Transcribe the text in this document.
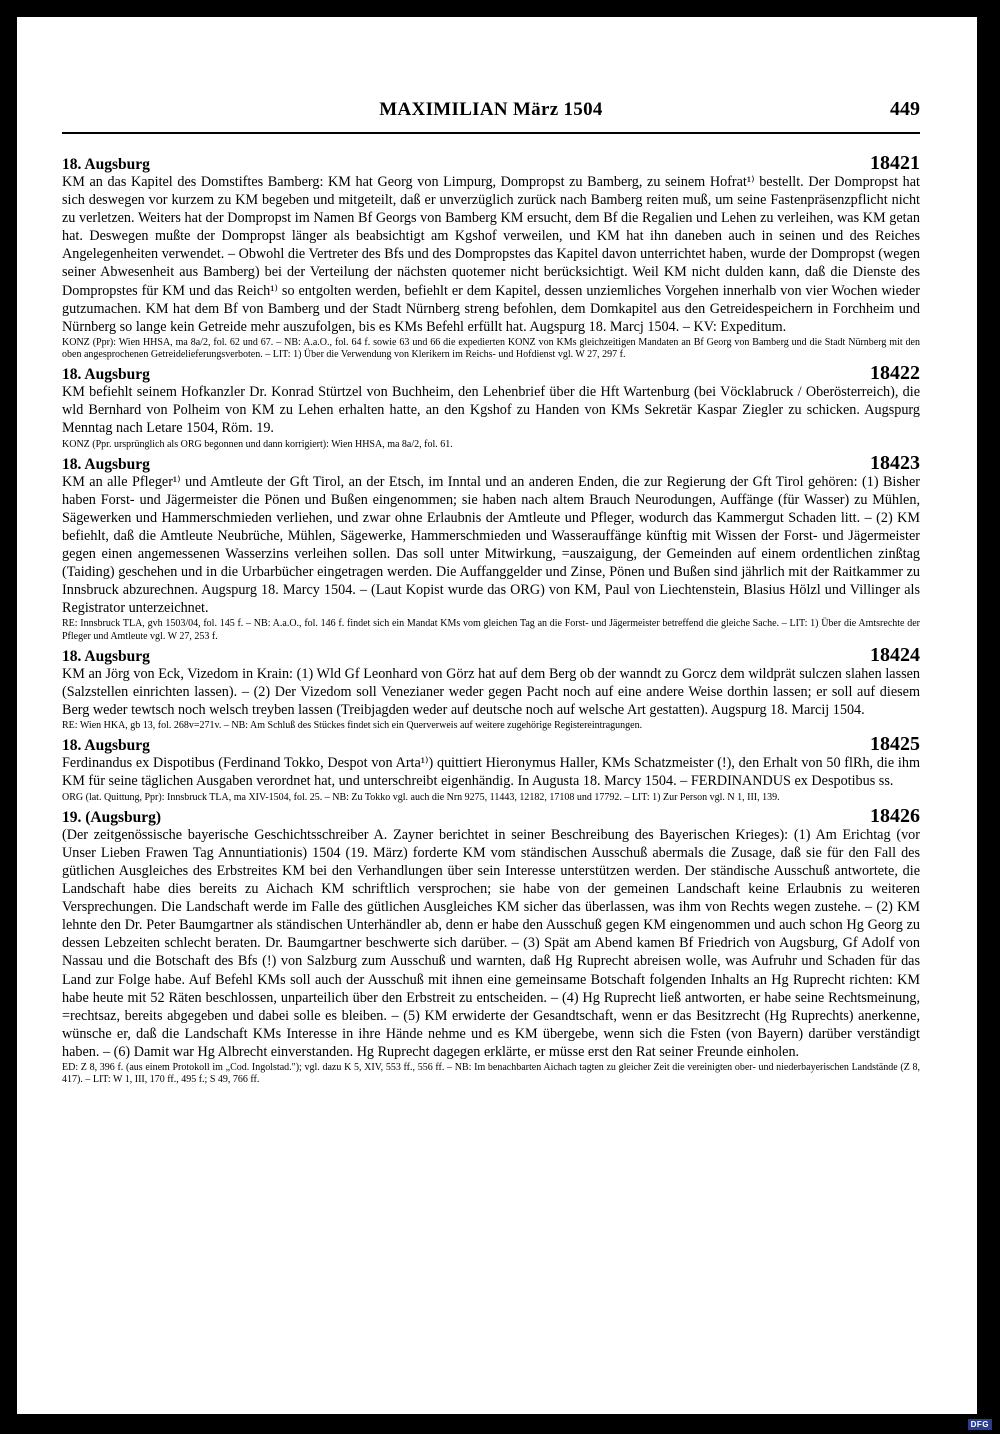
MAXIMILIAN März 1504	449
18. Augsburg	18421
KM an das Kapitel des Domstiftes Bamberg: KM hat Georg von Limpurg, Dompropst zu Bamberg, zu seinem Hofrat¹⁾ bestellt. Der Dompropst hat sich deswegen vor kurzem zu KM begeben und mitgeteilt, daß er unverzüglich zurück nach Bamberg reiten muß, um seine Fastenpräsenzpflicht nicht zu verletzen. Weiters hat der Dompropst im Namen Bf Georgs von Bamberg KM ersucht, dem Bf die Regalien und Lehen zu verleihen, was KM getan hat. Deswegen mußte der Dompropst länger als beabsichtigt am Kgshof verweilen, und KM hat ihn daneben auch in seinen und des Reiches Angelegenheiten verwendet. – Obwohl die Vertreter des Bfs und des Dompropstes das Kapitel davon unterrichtet haben, wurde der Dompropst (wegen seiner Abwesenheit aus Bamberg) bei der Verteilung der nächsten quotemer nicht berücksichtigt. Weil KM nicht dulden kann, daß die Dienste des Dompropstes für KM und das Reich¹⁾ so entgolten werden, befiehlt er dem Kapitel, dessen unziemliches Vorgehen innerhalb von vier Wochen wieder gutzumachen. KM hat dem Bf von Bamberg und der Stadt Nürnberg streng befohlen, dem Domkapitel aus den Getreidespeichern in Forchheim und Nürnberg so lange kein Getreide mehr auszufolgen, bis es KMs Befehl erfüllt hat. Augspurg 18. Marcj 1504. – KV: Expeditum.
KONZ (Ppr): Wien HHSA, ma 8a/2, fol. 62 und 67. – NB: A.a.O., fol. 64 f. sowie 63 und 66 die expedierten KONZ von KMs gleichzeitigen Mandaten an Bf Georg von Bamberg und die Stadt Nürnberg mit den oben angesprochenen Getreidelieferungsverboten. – LIT: 1) Über die Verwendung von Klerikern im Reichs- und Hofdienst vgl. W 27, 297 f.
18. Augsburg	18422
KM befiehlt seinem Hofkanzler Dr. Konrad Stürtzel von Buchheim, den Lehenbrief über die Hft Wartenburg (bei Vöcklabruck / Oberösterreich), die wld Bernhard von Polheim von KM zu Lehen erhalten hatte, an den Kgshof zu Handen von KMs Sekretär Kaspar Ziegler zu schicken. Augspurg Menntag nach Letare 1504, Röm. 19.
KONZ (Ppr. ursprünglich als ORG begonnen und dann korrigiert): Wien HHSA, ma 8a/2, fol. 61.
18. Augsburg	18423
KM an alle Pfleger¹⁾ und Amtleute der Gft Tirol, an der Etsch, im Inntal und an anderen Enden, die zur Regierung der Gft Tirol gehören: (1) Bisher haben Forst- und Jägermeister die Pönen und Bußen eingenommen; sie haben nach altem Brauch Neurodungen, Auffänge (für Wasser) zu Mühlen, Sägewerken und Hammerschmieden verliehen, und zwar ohne Erlaubnis der Amtleute und Pfleger, wodurch das Kammergut Schaden litt. – (2) KM befiehlt, daß die Amtleute Neubrüche, Mühlen, Sägewerke, Hammerschmieden und Wasserauffänge künftig mit Wissen der Forst- und Jägermeister gegen einen angemessenen Wasserzins verleihen sollen. Das soll unter Mitwirkung, =auszaigung, der Gemeinden auf einem ordentlichen zinßtag (Taiding) geschehen und in die Urbarbücher eingetragen werden. Die Auffanggelder und Zinse, Pönen und Bußen sind jährlich mit der Raitkammer zu Innsbruck abzurechnen. Augspurg 18. Marcy 1504. – (Laut Kopist wurde das ORG) von KM, Paul von Liechtenstein, Blasius Hölzl und Villinger als Registrator unterzeichnet.
RE: Innsbruck TLA, gvh 1503/04, fol. 145 f. – NB: A.a.O., fol. 146 f. findet sich ein Mandat KMs vom gleichen Tag an die Forst- und Jägermeister betreffend die gleiche Sache. – LIT: 1) Über die Amtsrechte der Pfleger und Amtleute vgl. W 27, 253 f.
18. Augsburg	18424
KM an Jörg von Eck, Vizedom in Krain: (1) Wld Gf Leonhard von Görz hat auf dem Berg ob der wanndt zu Gorcz dem wildprät sulczen slahen lassen (Salzstellen einrichten lassen). – (2) Der Vizedom soll Venezianer weder gegen Pacht noch auf eine andere Weise dorthin lassen; er soll auf diesem Berg weder tewtsch noch welsch treyben lassen (Treibjagden weder auf deutsche noch auf welsche Art gestatten). Augspurg 18. Marcij 1504.
RE: Wien HKA, gb 13, fol. 268v=271v. – NB: Am Schluß des Stückes findet sich ein Querverweis auf weitere zugehörige Registereintragungen.
18. Augsburg	18425
Ferdinandus ex Dispotibus (Ferdinand Tokko, Despot von Arta¹⁾) quittiert Hieronymus Haller, KMs Schatzmeister (!), den Erhalt von 50 flRh, die ihm KM für seine täglichen Ausgaben verordnet hat, und unterschreibt eigenhändig. In Augusta 18. Marcy 1504. – FERDINANDUS ex Despotibus ss.
ORG (lat. Quittung, Ppr): Innsbruck TLA, ma XIV-1504, fol. 25. – NB: Zu Tokko vgl. auch die Nrn 9275, 11443, 12182, 17108 und 17792. – LIT: 1) Zur Person vgl. N 1, III, 139.
19. (Augsburg)	18426
(Der zeitgenössische bayerische Geschichtsschreiber A. Zayner berichtet in seiner Beschreibung des Bayerischen Krieges): (1) Am Erichtag (vor Unser Lieben Frawen Tag Annuntiationis) 1504 (19. März) forderte KM vom ständischen Ausschuß abermals die Zusage, daß sie für den Fall des gütlichen Ausgleiches des Erbstreites KM bei den Verhandlungen über sein Interesse unterstützen werden. Der ständische Ausschuß antwortete, die Landschaft habe dies bereits zu Aichach KM schriftlich versprochen; sie habe von der gemeinen Landschaft keine Erlaubnis zu weiteren Versprechungen. Die Landschaft werde im Falle des gütlichen Ausgleiches KM sicher das überlassen, was ihm von Rechts wegen zustehe. – (2) KM lehnte den Dr. Peter Baumgartner als ständischen Unterhändler ab, denn er habe den Ausschuß gegen KM eingenommen und auch schon Hg Georg zu dessen Lebzeiten schlecht beraten. Dr. Baumgartner beschwerte sich darüber. – (3) Spät am Abend kamen Bf Friedrich von Augsburg, Gf Adolf von Nassau und die Botschaft des Bfs (!) von Salzburg zum Ausschuß und warnten, daß Hg Ruprecht abreisen wolle, was Aufruhr und Schaden für das Land zur Folge habe. Auf Befehl KMs soll auch der Ausschuß mit ihnen eine gemeinsame Botschaft folgenden Inhalts an Hg Ruprecht richten: KM habe heute mit 52 Räten beschlossen, unparteilich über den Erbstreit zu entscheiden. – (4) Hg Ruprecht ließ antworten, er habe seine Rechtsmeinung, =rechtsaz, bereits abgegeben und dabei solle es bleiben. – (5) KM erwiderte der Gesandtschaft, wenn er das Besitzrecht (Hg Ruprechts) anerkenne, wünsche er, daß die Landschaft KMs Interesse in ihre Hände nehme und es KM übergebe, wenn sich die Fsten (von Bayern) darüber verständigt haben. – (6) Damit war Hg Albrecht einverstanden. Hg Ruprecht dagegen erklärte, er müsse erst den Rat seiner Freunde einholen.
ED: Z 8, 396 f. (aus einem Protokoll im „Cod. Ingolstad."); vgl. dazu K 5, XIV, 553 ff., 556 ff. – NB: Im benachbarten Aichach tagten zu gleicher Zeit die vereinigten ober- und niederbayerischen Landstände (Z 8, 417). – LIT: W 1, III, 170 ff., 495 f.; S 49, 766 ff.
Digitalisierung gefördert durch die Deutsche Forschungsgemeinschaft · DFG
